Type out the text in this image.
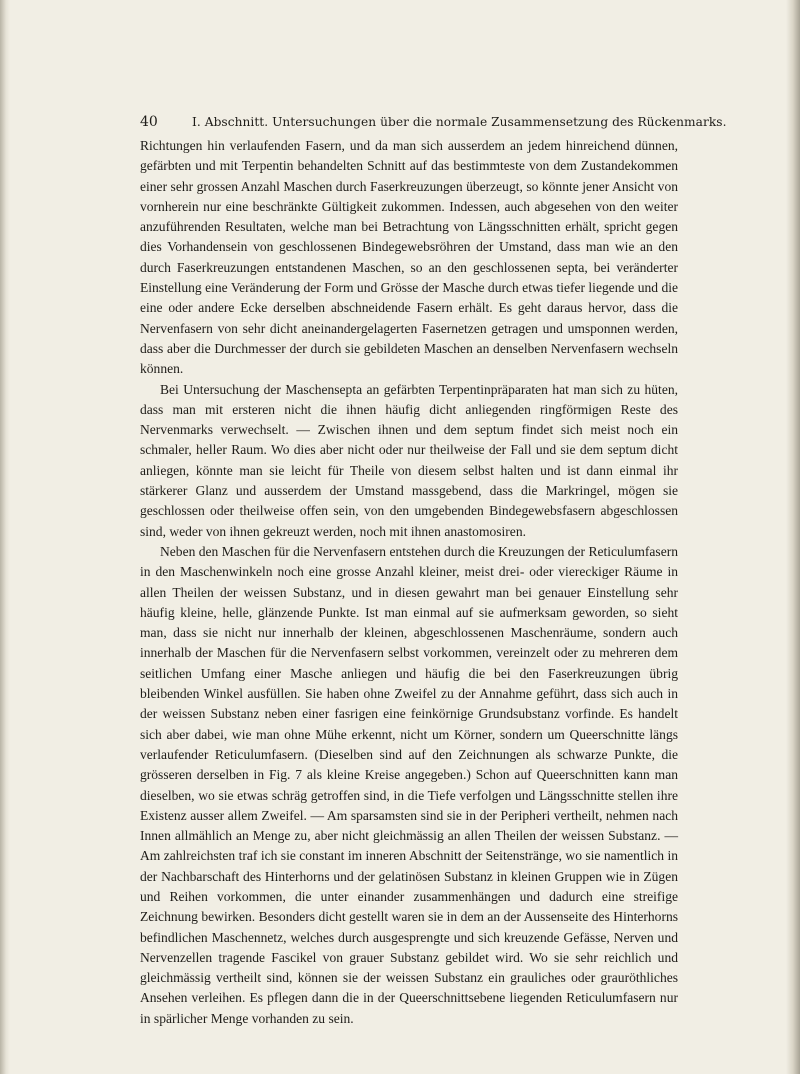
40	I. Abschnitt. Untersuchungen über die normale Zusammensetzung des Rückenmarks.

Richtungen hin verlaufenden Fasern, und da man sich ausserdem an jedem hinreichend dünnen, gefärbten und mit Terpentin behandelten Schnitt auf das bestimmteste von dem Zustandekommen einer sehr grossen Anzahl Maschen durch Faserkreuzungen überzeugt, so könnte jener Ansicht von vornherein nur eine beschränkte Gültigkeit zukommen. Indessen, auch abgesehen von den weiter anzuführenden Resultaten, welche man bei Betrachtung von Längsschnitten erhält, spricht gegen dies Vorhandensein von geschlossenen Bindegewebsröhren der Umstand, dass man wie an den durch Faserkreuzungen entstandenen Maschen, so an den geschlossenen septa, bei veränderter Einstellung eine Veränderung der Form und Grösse der Masche durch etwas tiefer liegende und die eine oder andere Ecke derselben abschneidende Fasern erhält. Es geht daraus hervor, dass die Nervenfasern von sehr dicht aneinandergelagerten Fasernetzen getragen und umsponnen werden, dass aber die Durchmesser der durch sie gebildeten Maschen an denselben Nervenfasern wechseln können.

Bei Untersuchung der Maschensepta an gefärbten Terpentinpräparaten hat man sich zu hüten, dass man mit ersteren nicht die ihnen häufig dicht anliegenden ringförmigen Reste des Nervenmarks verwechselt. — Zwischen ihnen und dem septum findet sich meist noch ein schmaler, heller Raum. Wo dies aber nicht oder nur theilweise der Fall und sie dem septum dicht anliegen, könnte man sie leicht für Theile von diesem selbst halten und ist dann einmal ihr stärkerer Glanz und ausserdem der Umstand massgebend, dass die Markringel, mögen sie geschlossen oder theilweise offen sein, von den umgebenden Bindegewebsfasern abgeschlossen sind, weder von ihnen gekreuzt werden, noch mit ihnen anastomosiren.

Neben den Maschen für die Nervenfasern entstehen durch die Kreuzungen der Reticulumfasern in den Maschenwinkeln noch eine grosse Anzahl kleiner, meist drei- oder viereckiger Räume in allen Theilen der weissen Substanz, und in diesen gewahrt man bei genauer Einstellung sehr häufig kleine, helle, glänzende Punkte. Ist man einmal auf sie aufmerksam geworden, so sieht man, dass sie nicht nur innerhalb der kleinen, abgeschlossenen Maschenräume, sondern auch innerhalb der Maschen für die Nervenfasern selbst vorkommen, vereinzelt oder zu mehreren dem seitlichen Umfang einer Masche anliegen und häufig die bei den Faserkreuzungen übrig bleibenden Winkel ausfüllen. Sie haben ohne Zweifel zu der Annahme geführt, dass sich auch in der weissen Substanz neben einer fasrigen eine feinkörnige Grundsubstanz vorfinde. Es handelt sich aber dabei, wie man ohne Mühe erkennt, nicht um Körner, sondern um Queerschnitte längs verlaufender Reticulumfasern. (Dieselben sind auf den Zeichnungen als schwarze Punkte, die grösseren derselben in Fig. 7 als kleine Kreise angegeben.) Schon auf Queerschnitten kann man dieselben, wo sie etwas schräg getroffen sind, in die Tiefe verfolgen und Längsschnitte stellen ihre Existenz ausser allem Zweifel. — Am sparsamsten sind sie in der Peripheri vertheilt, nehmen nach Innen allmählich an Menge zu, aber nicht gleichmässig an allen Theilen der weissen Substanz. — Am zahlreichsten traf ich sie constant im inneren Abschnitt der Seitenstränge, wo sie namentlich in der Nachbarschaft des Hinterhorns und der gelatinösen Substanz in kleinen Gruppen wie in Zügen und Reihen vorkommen, die unter einander zusammenhängen und dadurch eine streifige Zeichnung bewirken. Besonders dicht gestellt waren sie in dem an der Aussenseite des Hinterhorns befindlichen Maschennetz, welches durch ausgesprengte und sich kreuzende Gefässe, Nerven und Nervenzellen tragende Fascikel von grauer Substanz gebildet wird. Wo sie sehr reichlich und gleichmässig vertheilt sind, können sie der weissen Substanz ein grauliches oder grauröthliches Ansehen verleihen. Es pflegen dann die in der Queerschnittsebene liegenden Reticulumfasern nur in spärlicher Menge vorhanden zu sein.
